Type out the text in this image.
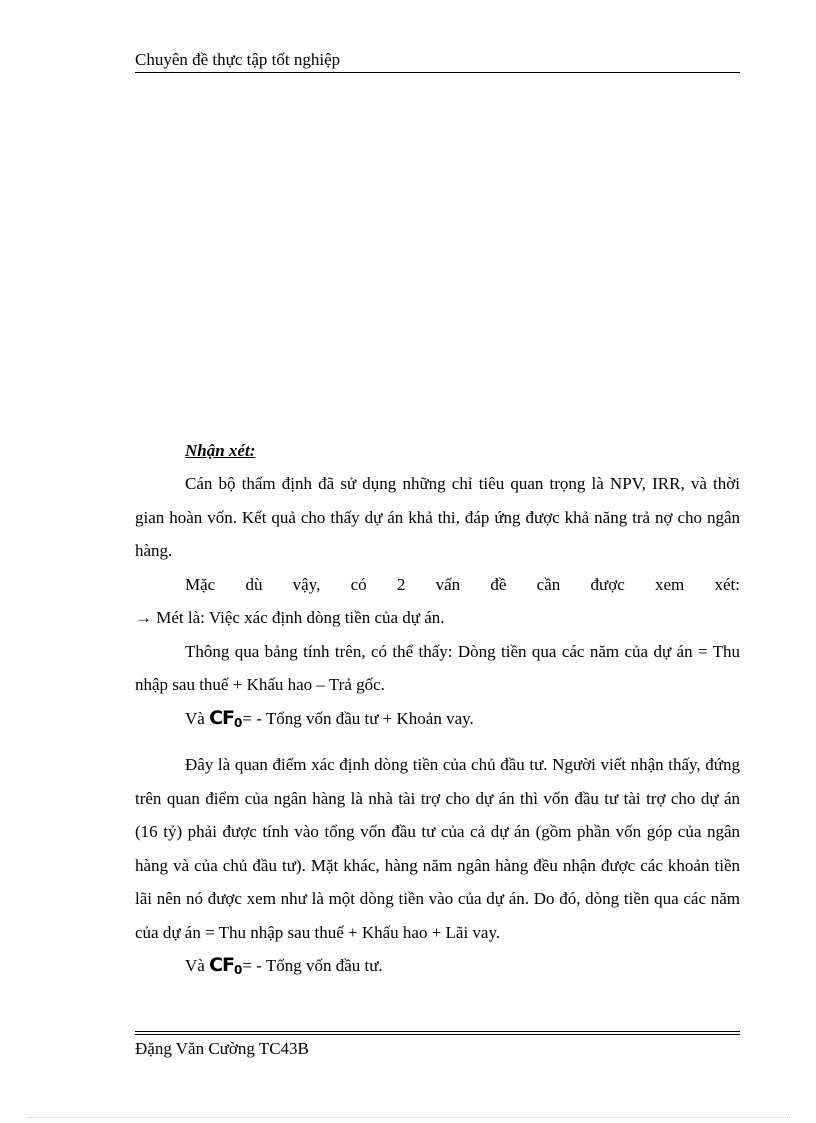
Chuyên đề thực tập tốt nghiệp

Nhận xét:

Cán bộ thẩm định đã sử dụng những chỉ tiêu quan trọng là NPV, IRR, và thời gian hoàn vốn. Kết quả cho thấy dự án khả thi, đáp ứng được khả năng trả nợ cho ngân hàng.

Mặc dù vậy, có 2 vấn đề cần được xem xét:

→ Mét là: Việc xác định dòng tiền của dự án.

Thông qua bảng tính trên, có thể thấy: Dòng tiền qua các năm của dự án = Thu nhập sau thuế + Khấu hao – Trả gốc.

Và $CF_0=$ - Tổng vốn đầu tư + Khoản vay.

Đây là quan điểm xác định dòng tiền của chủ đầu tư. Người viết nhận thấy, đứng trên quan điểm của ngân hàng là nhà tài trợ cho dự án thì vốn đầu tư tài trợ cho dự án (16 tỷ) phải được tính vào tổng vốn đầu tư của cả dự án (gồm phần vốn góp của ngân hàng và của chủ đầu tư). Mặt khác, hàng năm ngân hàng đều nhận được các khoản tiền lãi nên nó được xem như là một dòng tiền vào của dự án. Do đó, dòng tiền qua các năm của dự án = Thu nhập sau thuế + Khấu hao + Lãi vay.

Và $CF_0=$ - Tổng vốn đầu tư.

Đặng Văn Cường TC43B
